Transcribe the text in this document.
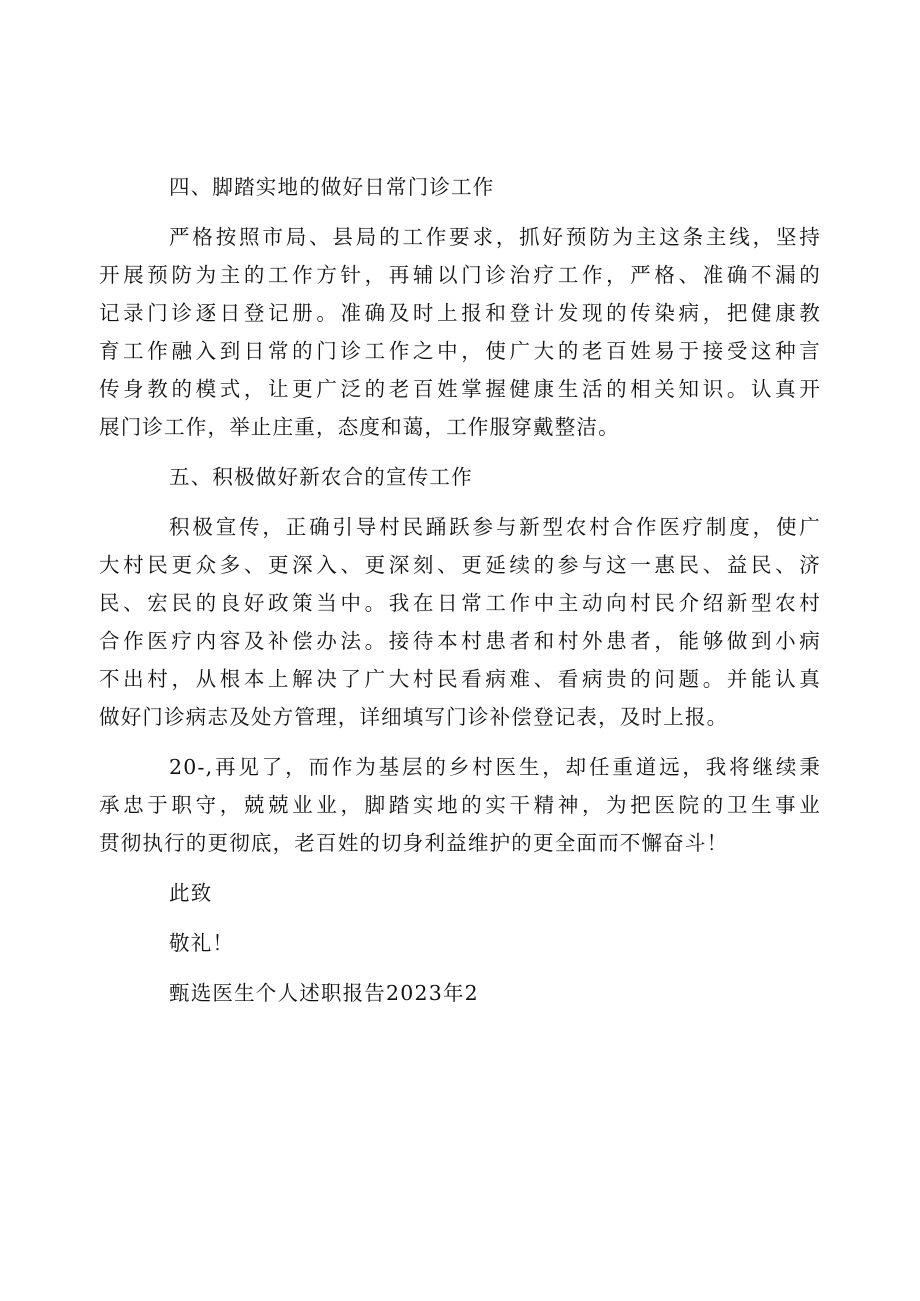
四、脚踏实地的做好日常门诊工作

严格按照市局、县局的工作要求，抓好预防为主这条主线，坚持

开展预防为主的工作方针，再辅以门诊治疗工作，严格、准确不漏的

记录门诊逐日登记册。准确及时上报和登计发现的传染病，把健康教

育工作融入到日常的门诊工作之中，使广大的老百姓易于接受这种言

传身教的模式，让更广泛的老百姓掌握健康生活的相关知识。认真开

展门诊工作，举止庄重，态度和蔼，工作服穿戴整洁。

五、积极做好新农合的宣传工作

积极宣传，正确引导村民踊跃参与新型农村合作医疗制度，使广

大村民更众多、更深入、更深刻、更延续的参与这一惠民、益民、济

民、宏民的良好政策当中。我在日常工作中主动向村民介绍新型农村

合作医疗内容及补偿办法。接待本村患者和村外患者，能够做到小病

不出村，从根本上解决了广大村民看病难、看病贵的问题。并能认真

做好门诊病志及处方管理，详细填写门诊补偿登记表，及时上报。

20-,再见了，而作为基层的乡村医生，却任重道远，我将继续秉

承忠于职守，兢兢业业，脚踏实地的实干精神，为把医院的卫生事业

贯彻执行的更彻底，老百姓的切身利益维护的更全面而不懈奋斗！

此致

敬礼！

甄选医生个人述职报告2023年2
